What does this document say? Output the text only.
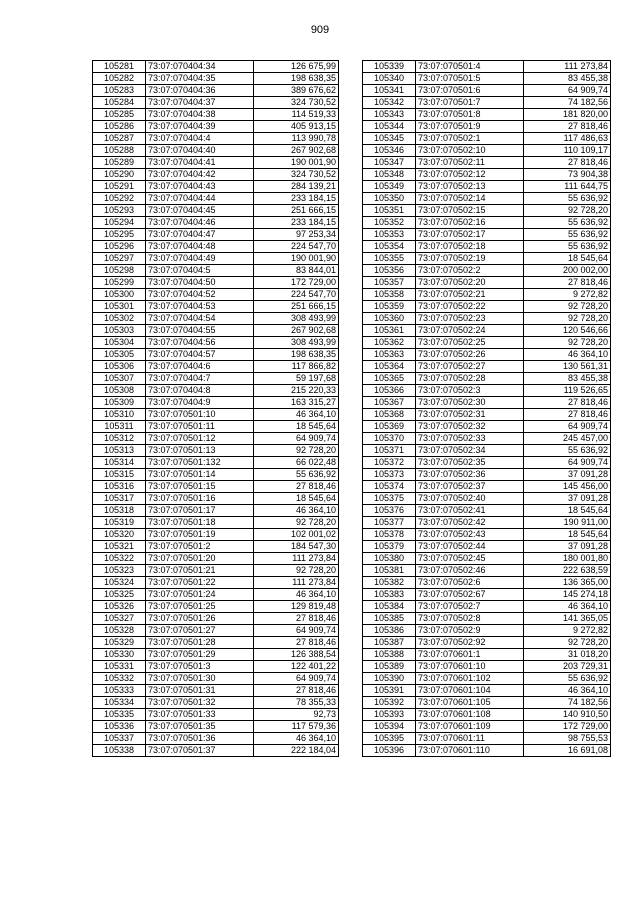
909
105281	73:07:070404:34	126 675,99
105282	73:07:070404:35	198 638,35
105283	73:07:070404:36	389 676,62
105284	73:07:070404:37	324 730,52
105285	73:07:070404:38	114 519,33
105286	73:07:070404:39	405 913,15
105287	73:07:070404:4	113 990,78
105288	73:07:070404:40	267 902,68
105289	73:07:070404:41	190 001,90
105290	73:07:070404:42	324 730,52
105291	73:07:070404:43	284 139,21
105292	73:07:070404:44	233 184,15
105293	73:07:070404:45	251 666,15
105294	73:07:070404:46	233 184,15
105295	73:07:070404:47	97 253,34
105296	73:07:070404:48	224 547,70
105297	73:07:070404:49	190 001,90
105298	73:07:070404:5	83 844,01
105299	73:07:070404:50	172 729,00
105300	73:07:070404:52	224 547,70
105301	73:07:070404:53	251 666,15
105302	73:07:070404:54	308 493,99
105303	73:07:070404:55	267 902,68
105304	73:07:070404:56	308 493,99
105305	73:07:070404:57	198 638,35
105306	73:07:070404:6	117 866,82
105307	73:07:070404:7	59 197,68
105308	73:07:070404:8	215 220,33
105309	73:07:070404:9	163 315,27
105310	73:07:070501:10	46 364,10
105311	73:07:070501:11	18 545,64
105312	73:07:070501:12	64 909,74
105313	73:07:070501:13	92 728,20
105314	73:07:070501:132	66 022,48
105315	73:07:070501:14	55 636,92
105316	73:07:070501:15	27 818,46
105317	73:07:070501:16	18 545,64
105318	73:07:070501:17	46 364,10
105319	73:07:070501:18	92 728,20
105320	73:07:070501:19	102 001,02
105321	73:07:070501:2	184 547,30
105322	73:07:070501:20	111 273,84
105323	73:07:070501:21	92 728,20
105324	73:07:070501:22	111 273,84
105325	73:07:070501:24	46 364,10
105326	73:07:070501:25	129 819,48
105327	73:07:070501:26	27 818,46
105328	73:07:070501:27	64 909,74
105329	73:07:070501:28	27 818,46
105330	73:07:070501:29	126 388,54
105331	73:07:070501:3	122 401,22
105332	73:07:070501:30	64 909,74
105333	73:07:070501:31	27 818,46
105334	73:07:070501:32	78 355,33
105335	73:07:070501:33	92,73
105336	73:07:070501:35	117 579,36
105337	73:07:070501:36	46 364,10
105338	73:07:070501:37	222 184,04
105339	73:07:070501:4	111 273,84
105340	73:07:070501:5	83 455,38
105341	73:07:070501:6	64 909,74
105342	73:07:070501:7	74 182,56
105343	73:07:070501:8	181 820,00
105344	73:07:070501:9	27 818,46
105345	73:07:070502:1	117 486,63
105346	73:07:070502:10	110 109,17
105347	73:07:070502:11	27 818,46
105348	73:07:070502:12	73 904,38
105349	73:07:070502:13	111 644,75
105350	73:07:070502:14	55 636,92
105351	73:07:070502:15	92 728,20
105352	73:07:070502:16	55 636,92
105353	73:07:070502:17	55 636,92
105354	73:07:070502:18	55 636,92
105355	73:07:070502:19	18 545,64
105356	73:07:070502:2	200 002,00
105357	73:07:070502:20	27 818,46
105358	73:07:070502:21	9 272,82
105359	73:07:070502:22	92 728,20
105360	73:07:070502:23	92 728,20
105361	73:07:070502:24	120 546,66
105362	73:07:070502:25	92 728,20
105363	73:07:070502:26	46 364,10
105364	73:07:070502:27	130 561,31
105365	73:07:070502:28	83 455,38
105366	73:07:070502:3	119 526,65
105367	73:07:070502:30	27 818,46
105368	73:07:070502:31	27 818,46
105369	73:07:070502:32	64 909,74
105370	73:07:070502:33	245 457,00
105371	73:07:070502:34	55 636,92
105372	73:07:070502:35	64 909,74
105373	73:07:070502:36	37 091,28
105374	73:07:070502:37	145 456,00
105375	73:07:070502:40	37 091,28
105376	73:07:070502:41	18 545,64
105377	73:07:070502:42	190 911,00
105378	73:07:070502:43	18 545,64
105379	73:07:070502:44	37 091,28
105380	73:07:070502:45	180 001,80
105381	73:07:070502:46	222 638,59
105382	73:07:070502:6	136 365,00
105383	73:07:070502:67	145 274,18
105384	73:07:070502:7	46 364,10
105385	73:07:070502:8	141 365,05
105386	73:07:070502:9	9 272,82
105387	73:07:070502:92	92 728,20
105388	73:07:070601:1	31 018,20
105389	73:07:070601:10	203 729,31
105390	73:07:070601:102	55 636,92
105391	73:07:070601:104	46 364,10
105392	73:07:070601:105	74 182,56
105393	73:07:070601:108	140 910,50
105394	73:07:070601:109	172 729,00
105395	73:07:070601:11	98 755,53
105396	73:07:070601:110	16 691,08
